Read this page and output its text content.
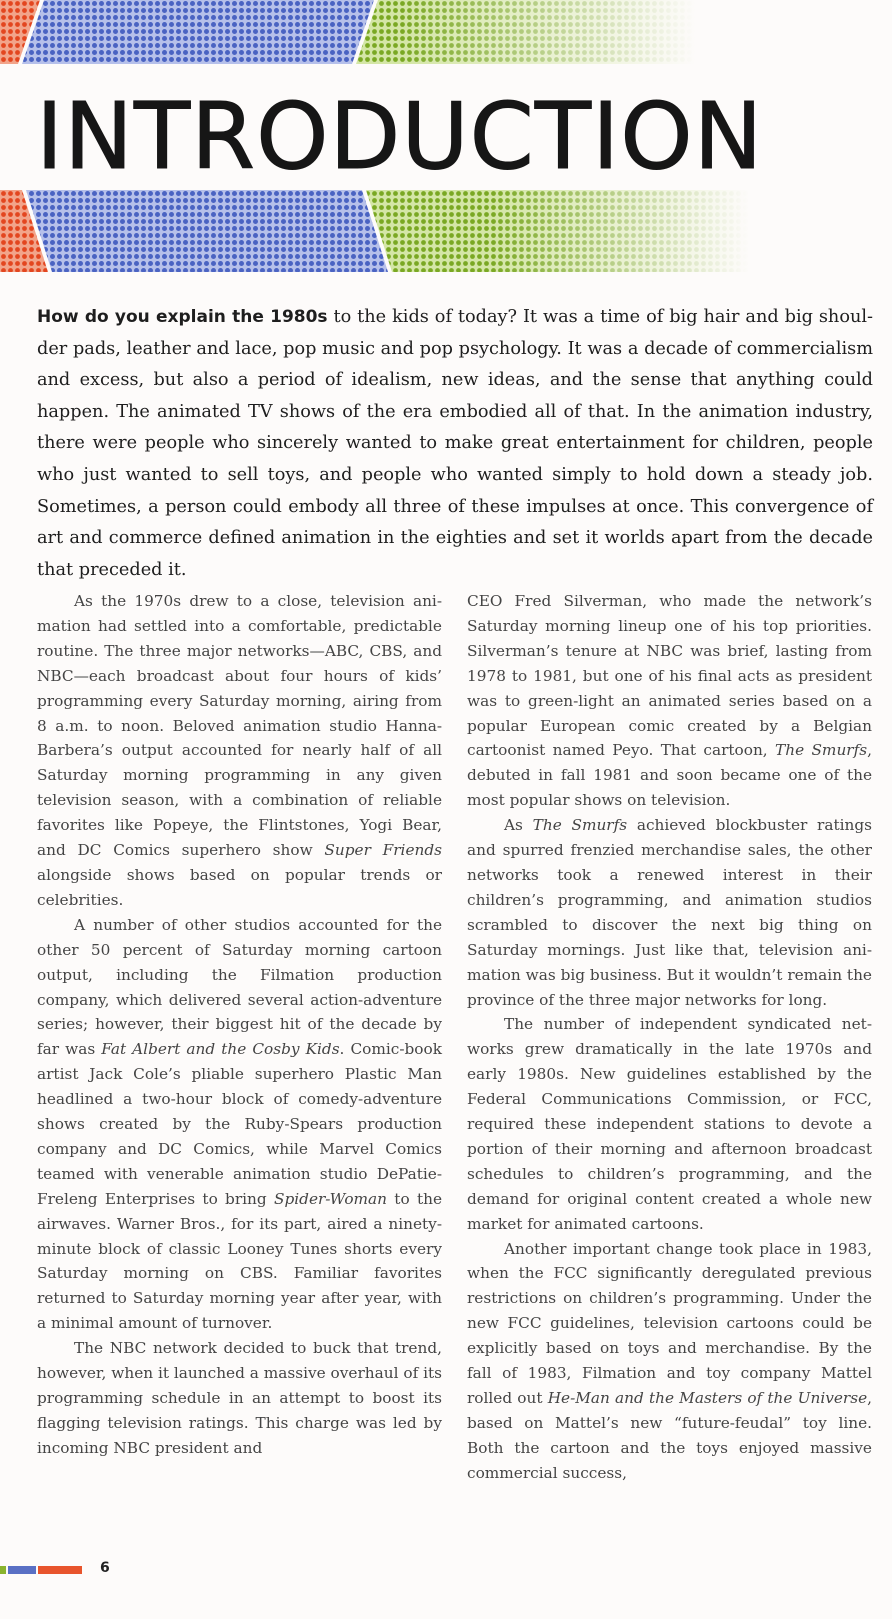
INTRODUCTION

How do you explain the 1980s to the kids of today? It was a time of big hair and big shoulder pads, leather and lace, pop music and pop psychology. It was a decade of commercialism and excess, but also a period of idealism, new ideas, and the sense that anything could happen. The animated TV shows of the era embodied all of that. In the animation industry, there were people who sincerely wanted to make great entertainment for children, people who just wanted to sell toys, and people who wanted simply to hold down a steady job. Sometimes, a person could embody all three of these impulses at once. This convergence of art and commerce defined animation in the eighties and set it worlds apart from the decade that preceded it.

As the 1970s drew to a close, television animation had settled into a comfortable, predictable routine. The three major networks—ABC, CBS, and NBC—each broadcast about four hours of kids’ programming every Saturday morning, airing from 8 a.m. to noon. Beloved animation studio Hanna-Barbera’s output accounted for nearly half of all Saturday morning programming in any given television season, with a combination of reliable favorites like Popeye, the Flintstones, Yogi Bear, and DC Comics superhero show Super Friends alongside shows based on popular trends or celebrities.

A number of other studios accounted for the other 50 percent of Saturday morning cartoon output, including the Filmation production company, which delivered several action-adventure series; however, their biggest hit of the decade by far was Fat Albert and the Cosby Kids. Comic-book artist Jack Cole’s pliable superhero Plastic Man headlined a two-hour block of comedy-adventure shows created by the Ruby-Spears production company and DC Comics, while Marvel Comics teamed with venerable animation studio DePatie-Freleng Enterprises to bring Spider-Woman to the airwaves. Warner Bros., for its part, aired a ninety-minute block of classic Looney Tunes shorts every Saturday morning on CBS. Familiar favorites returned to Saturday morning year after year, with a minimal amount of turnover.

The NBC network decided to buck that trend, however, when it launched a massive overhaul of its programming schedule in an attempt to boost its flagging television ratings. This charge was led by incoming NBC president and

CEO Fred Silverman, who made the network’s Saturday morning lineup one of his top priorities. Silverman’s tenure at NBC was brief, lasting from 1978 to 1981, but one of his final acts as president was to green-light an animated series based on a popular European comic created by a Belgian cartoonist named Peyo. That cartoon, The Smurfs, debuted in fall 1981 and soon became one of the most popular shows on television.

As The Smurfs achieved blockbuster ratings and spurred frenzied merchandise sales, the other networks took a renewed interest in their children’s programming, and animation studios scrambled to discover the next big thing on Saturday mornings. Just like that, television animation was big business. But it wouldn’t remain the province of the three major networks for long.

The number of independent syndicated networks grew dramatically in the late 1970s and early 1980s. New guidelines established by the Federal Communications Commission, or FCC, required these independent stations to devote a portion of their morning and afternoon broadcast schedules to children’s programming, and the demand for original content created a whole new market for animated cartoons.

Another important change took place in 1983, when the FCC significantly deregulated previous restrictions on children’s programming. Under the new FCC guidelines, television cartoons could be explicitly based on toys and merchandise. By the fall of 1983, Filmation and toy company Mattel rolled out He-Man and the Masters of the Universe, based on Mattel’s new “future-feudal” toy line. Both the cartoon and the toys enjoyed massive commercial success,

6
